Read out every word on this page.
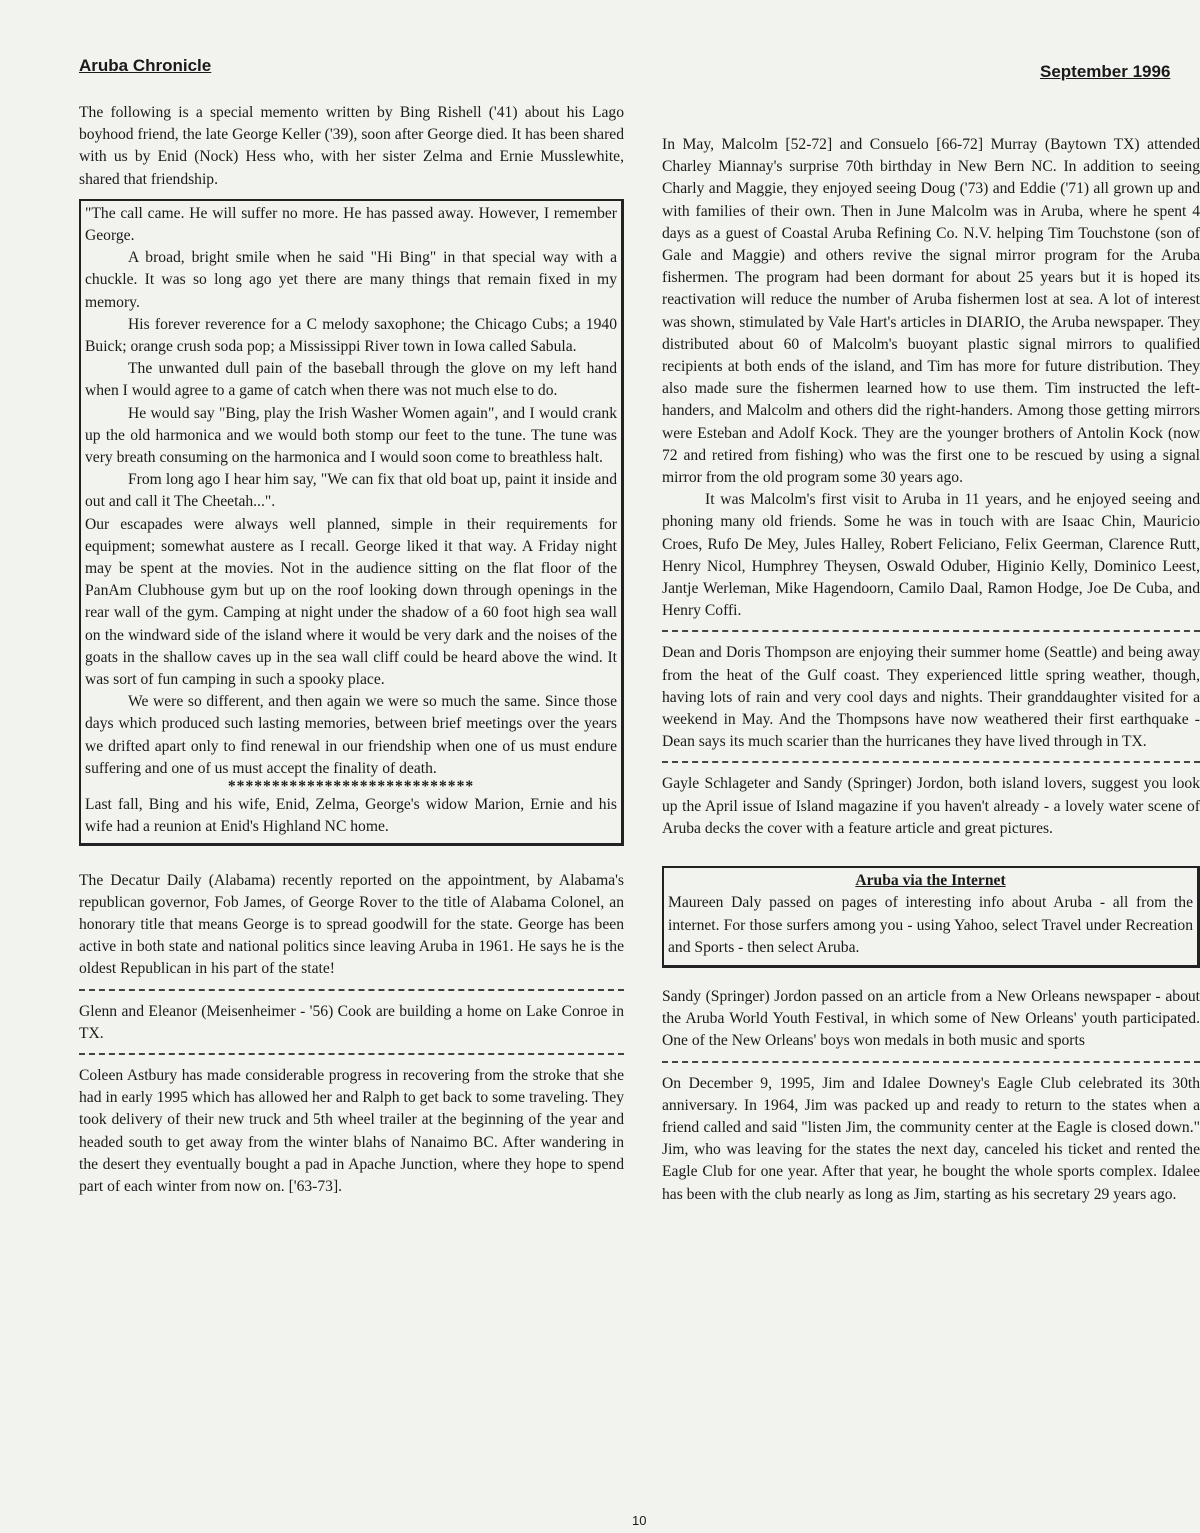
Aruba Chronicle	September 1996

The following is a special memento written by Bing Rishell ('41) about his Lago boyhood friend, the late George Keller ('39), soon after George died. It has been shared with us by Enid (Nock) Hess who, with her sister Zelma and Ernie Musslewhite, shared that friendship.

"The call came. He will suffer no more. He has passed away. However, I remember George.

A broad, bright smile when he said "Hi Bing" in that special way with a chuckle. It was so long ago yet there are many things that remain fixed in my memory.

His forever reverence for a C melody saxophone; the Chicago Cubs; a 1940 Buick; orange crush soda pop; a Mississippi River town in Iowa called Sabula.

The unwanted dull pain of the baseball through the glove on my left hand when I would agree to a game of catch when there was not much else to do.

He would say "Bing, play the Irish Washer Women again", and I would crank up the old harmonica and we would both stomp our feet to the tune. The tune was very breath consuming on the harmonica and I would soon come to breathless halt.

From long ago I hear him say, "We can fix that old boat up, paint it inside and out and call it The Cheetah...".

Our escapades were always well planned, simple in their requirements for equipment; somewhat austere as I recall. George liked it that way. A Friday night may be spent at the movies. Not in the audience sitting on the flat floor of the PanAm Clubhouse gym but up on the roof looking down through openings in the rear wall of the gym. Camping at night under the shadow of a 60 foot high sea wall on the windward side of the island where it would be very dark and the noises of the goats in the shallow caves up in the sea wall cliff could be heard above the wind. It was sort of fun camping in such a spooky place.

We were so different, and then again we were so much the same. Since those days which produced such lasting memories, between brief meetings over the years we drifted apart only to find renewal in our friendship when one of us must endure suffering and one of us must accept the finality of death.

****************************

Last fall, Bing and his wife, Enid, Zelma, George's widow Marion, Ernie and his wife had a reunion at Enid's Highland NC home.

The Decatur Daily (Alabama) recently reported on the appointment, by Alabama's republican governor, Fob James, of George Rover to the title of Alabama Colonel, an honorary title that means George is to spread goodwill for the state. George has been active in both state and national politics since leaving Aruba in 1961. He says he is the oldest Republican in his part of the state!

Glenn and Eleanor (Meisenheimer - '56) Cook are building a home on Lake Conroe in TX.

Coleen Astbury has made considerable progress in recovering from the stroke that she had in early 1995 which has allowed her and Ralph to get back to some traveling. They took delivery of their new truck and 5th wheel trailer at the beginning of the year and headed south to get away from the winter blahs of Nanaimo BC. After wandering in the desert they eventually bought a pad in Apache Junction, where they hope to spend part of each winter from now on. ['63-73].

In May, Malcolm [52-72] and Consuelo [66-72] Murray (Baytown TX) attended Charley Miannay's surprise 70th birthday in New Bern NC. In addition to seeing Charly and Maggie, they enjoyed seeing Doug ('73) and Eddie ('71) all grown up and with families of their own. Then in June Malcolm was in Aruba, where he spent 4 days as a guest of Coastal Aruba Refining Co. N.V. helping Tim Touchstone (son of Gale and Maggie) and others revive the signal mirror program for the Aruba fishermen. The program had been dormant for about 25 years but it is hoped its reactivation will reduce the number of Aruba fishermen lost at sea. A lot of interest was shown, stimulated by Vale Hart's articles in DIARIO, the Aruba newspaper. They distributed about 60 of Malcolm's buoyant plastic signal mirrors to qualified recipients at both ends of the island, and Tim has more for future distribution. They also made sure the fishermen learned how to use them. Tim instructed the left-handers, and Malcolm and others did the right-handers. Among those getting mirrors were Esteban and Adolf Kock. They are the younger brothers of Antolin Kock (now 72 and retired from fishing) who was the first one to be rescued by using a signal mirror from the old program some 30 years ago.

It was Malcolm's first visit to Aruba in 11 years, and he enjoyed seeing and phoning many old friends. Some he was in touch with are Isaac Chin, Mauricio Croes, Rufo De Mey, Jules Halley, Robert Feliciano, Felix Geerman, Clarence Rutt, Henry Nicol, Humphrey Theysen, Oswald Oduber, Higinio Kelly, Dominico Leest, Jantje Werleman, Mike Hagendoorn, Camilo Daal, Ramon Hodge, Joe De Cuba, and Henry Coffi.

Dean and Doris Thompson are enjoying their summer home (Seattle) and being away from the heat of the Gulf coast. They experienced little spring weather, though, having lots of rain and very cool days and nights. Their granddaughter visited for a weekend in May. And the Thompsons have now weathered their first earthquake - Dean says its much scarier than the hurricanes they have lived through in TX.

Gayle Schlageter and Sandy (Springer) Jordon, both island lovers, suggest you look up the April issue of Island magazine if you haven't already - a lovely water scene of Aruba decks the cover with a feature article and great pictures.

Aruba via the Internet

Maureen Daly passed on pages of interesting info about Aruba - all from the internet. For those surfers among you - using Yahoo, select Travel under Recreation and Sports - then select Aruba.

Sandy (Springer) Jordon passed on an article from a New Orleans newspaper - about the Aruba World Youth Festival, in which some of New Orleans' youth participated. One of the New Orleans' boys won medals in both music and sports

On December 9, 1995, Jim and Idalee Downey's Eagle Club celebrated its 30th anniversary. In 1964, Jim was packed up and ready to return to the states when a friend called and said "listen Jim, the community center at the Eagle is closed down." Jim, who was leaving for the states the next day, canceled his ticket and rented the Eagle Club for one year. After that year, he bought the whole sports complex. Idalee has been with the club nearly as long as Jim, starting as his secretary 29 years ago.

10
